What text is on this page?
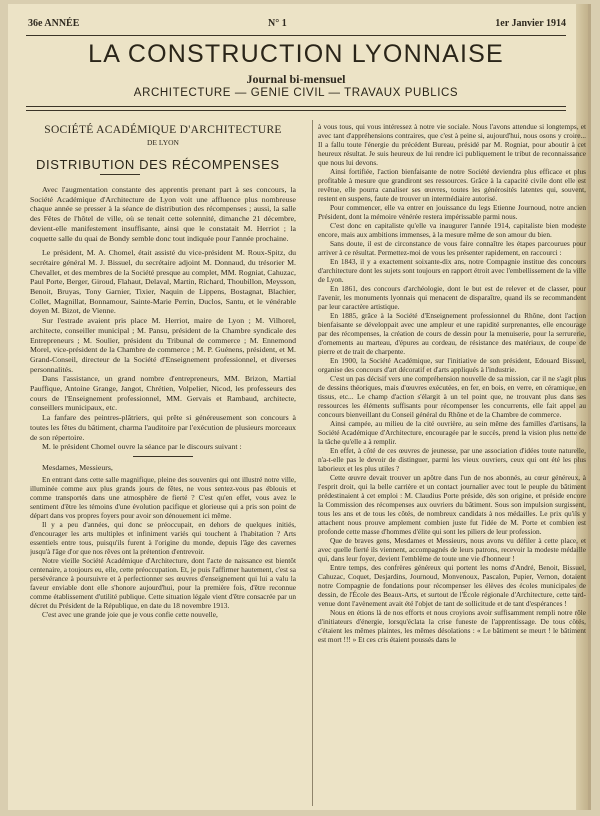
36e ANNÉE	N° 1	1er Janvier 1914
LA CONSTRUCTION LYONNAISE
Journal bi-mensuel
ARCHITECTURE — GENIE CIVIL — TRAVAUX PUBLICS
SOCIÉTÉ ACADÉMIQUE D'ARCHITECTURE
DE LYON
DISTRIBUTION DES RÉCOMPENSES

Avec l'augmentation constante des apprentis prenant part à ses concours, la Société Académique d'Architecture de Lyon voit une affluence plus nombreuse chaque année se presser à la séance de distribution des récompenses ; aussi, la salle des Fêtes de l'hôtel de ville, où se tenait cette solennité, dimanche 21 décembre, devient-elle manifestement insuffisante, ainsi que le constatait M. Herriot ; la coquette salle du quai de Bondy semble donc tout indiquée pour l'année prochaine.

Le président, M. A. Chomel, était assisté du vice-président M. Roux-Spitz, du secrétaire général M. J. Bissuel, du secrétaire adjoint M. Donnaud, du trésorier M. Chevallet, et des membres de la Société presque au complet, MM. Rogniat, Cahuzac, Paul Porte, Berger, Giroud, Flahaut, Delaval, Martin, Richard, Thoubillon, Meysson, Benoit, Bruyas, Tony Garnier, Tixier, Naquin de Lippens, Bostagnat, Blachier, Collet, Magnillat, Bonnamour, Sainte-Marie Perrin, Duclos, Santu, et le vénérable doyen M. Bizot, de Vienne.

Sur l'estrade avaient pris place M. Herriot, maire de Lyon ; M. Vilhorel, architecte, conseiller municipal ; M. Pansu, président de la Chambre syndicale des Entrepreneurs ; M. Soulier, président du Tribunal de commerce ; M. Ennemond Morel, vice-président de la Chambre de commerce ; M. P. Guénens, président, et M. Grand-Conseil, directeur de la Société d'Enseignement professionnel, et diverses personnalités.

Dans l'assistance, un grand nombre d'entrepreneurs, MM. Brizon, Martial Pauffique, Antoine Grange, Jangot, Chrétien, Volpelier, Nicod, les professeurs des cours de l'Enseignement professionnel, MM. Gervais et Rambaud, architecte, conseillers municipaux, etc.

La fanfare des peintres-plâtriers, qui prête si généreusement son concours à toutes les fêtes du bâtiment, charma l'auditoire par l'exécution de plusieurs morceaux de son répertoire.

M. le président Chomel ouvre la séance par le discours suivant :

Mesdames, Messieurs,

En entrant dans cette salle magnifique, pleine des souvenirs qui ont illustré notre ville, illuminée comme aux plus grands jours de fêtes, ne vous sentez-vous pas éblouis et comme transportés dans une atmosphère de fierté ? C'est qu'en effet, vous avez le sentiment d'être les témoins d'une évolution pacifique et glorieuse qui a pris son point de départ dans vos propres foyers pour avoir son dénouement ici même.

Il y a peu d'années, qui donc se préoccupait, en dehors de quelques initiés, d'encourager les arts multiples et infiniment variés qui touchent à l'habitation ? Arts essentiels entre tous, puisqu'ils furent à l'origine du monde, depuis l'âge des cavernes jusqu'à l'âge d'or que nos rêves ont la prétention d'entrevoir.

Notre vieille Société Académique d'Architecture, dont l'acte de naissance est bientôt centenaire, a toujours eu, elle, cette préoccupation. Et, je puis l'affirmer hautement, c'est sa persévérance à poursuivre et à perfectionner ses œuvres d'enseignement qui lui a valu la faveur enviable dont elle s'honore aujourd'hui, pour la première fois, d'être reconnue comme établissement d'utilité publique. Cette situation légale vient d'être consacrée par un décret du Président de la République, en date du 18 novembre 1913.

C'est avec une grande joie que je vous confie cette nouvelle,

à vous tous, qui vous intéressez à notre vie sociale. Nous l'avons attendue si longtemps, et avec tant d'appréhensions contraires, que c'est à peine si, aujourd'hui, nous osons y croire... Il a fallu toute l'énergie du précédent Bureau, présidé par M. Rogniat, pour aboutir à cet heureux résultat. Je suis heureux de lui rendre ici publiquement le tribut de reconnaissance que nous lui devons.

Ainsi fortifiée, l'action bienfaisante de notre Société deviendra plus efficace et plus profitable à mesure que grandiront ses ressources. Grâce à la capacité civile dont elle est revêtue, elle pourra canaliser ses œuvres, toutes les générosités latentes qui, souvent, restent en suspens, faute de trouver un intermédiaire autorisé.

Pour commencer, elle va entrer en jouissance du legs Etienne Journoud, notre ancien Président, dont la mémoire vénérée restera impérissable parmi nous.

C'est donc en capitaliste qu'elle va inaugurer l'année 1914, capitaliste bien modeste encore, mais aux ambitions immenses, à la mesure même de son amour du bien.

Sans doute, il est de circonstance de vous faire connaître les étapes parcourues pour arriver à ce résultat. Permettez-moi de vous les présenter rapidement, en raccourci :

En 1843, il y a exactement soixante-dix ans, notre Compagnie institue des concours d'architecture dont les sujets sont toujours en rapport étroit avec l'embellissement de la ville de Lyon.

En 1861, des concours d'archéologie, dont le but est de relever et de classer, pour l'avenir, les monuments lyonnais qui menacent de disparaître, quand ils se recommandent par leur caractère artistique.

En 1885, grâce à la Société d'Enseignement professionnel du Rhône, dont l'action bienfaisante se développait avec une ampleur et une rapidité surprenantes, elle encourage par des récompenses, la création de cours de dessin pour la menuiserie, pour la serrurerie, d'ornements au marteau, d'épures au cordeau, de résistance des matériaux, de coupe de pierre et de trait de charpente.

En 1900, la Société Académique, sur l'initiative de son président, Edouard Bissuel, organise des concours d'art décoratif et d'arts appliqués à l'industrie.

C'est un pas décisif vers une compréhension nouvelle de sa mission, car il ne s'agit plus de dessins théoriques, mais d'œuvres exécutées, en fer, en bois, en verre, en céramique, en tissus, etc... Le champ d'action s'élargit à un tel point que, ne trouvant plus dans ses ressources les éléments suffisants pour récompenser les concurrents, elle fait appel au concours bienveillant du Conseil général du Rhône et de la Chambre de commerce.

Ainsi campée, au milieu de la cité ouvrière, au sein même des familles d'artisans, la Société Académique d'Architecture, encouragée par le succès, prend la vision plus nette de la tâche qu'elle a à remplir.

En effet, à côté de ces œuvres de jeunesse, par une association d'idées toute naturelle, n'a-t-elle pas le devoir de distinguer, parmi les vieux ouvriers, ceux qui ont été les plus laborieux et les plus utiles ?

Cette œuvre devait trouver un apôtre dans l'un de nos abonnés, au cœur généreux, à l'esprit droit, qui la belle carrière et un contact journalier avec tout le peuple du bâtiment prédestinaient à cet emploi : M. Claudius Porte préside, dès son origine, et préside encore la Commission des récompenses aux ouvriers du bâtiment. Sous son impulsion surgissent, tous les ans et de tous les côtés, de nombreux candidats à nos médailles. Le prix qu'ils y attachent nous prouve amplement combien juste fut l'idée de M. Porte et combien est profonde cette masse d'hommes d'élite qui sont les piliers de leur profession.

Que de braves gens, Mesdames et Messieurs, nous avons vu défiler à cette place, et avec quelle fierté ils viennent, accompagnés de leurs patrons, recevoir la modeste médaille qui, dans leur foyer, devient l'emblème de toute une vie d'honneur !

Entre temps, des confrères généreux qui portent les noms d'André, Benoit, Bissuel, Cahuzac, Coquet, Desjardins, Journoud, Monvenoux, Pascalon, Pupier, Vernon, dotaient notre Compagnie de fondations pour récompenser les élèves des écoles municipales de dessin, de l'École des Beaux-Arts, et surtout de l'École régionale d'Architecture, cette tard-venue dont l'avènement avait été l'objet de tant de sollicitude et de tant d'espérances !

Nous en étions là de nos efforts et nous croyions avoir suffisamment rempli notre rôle d'initiateurs d'énergie, lorsqu'éclata la crise funeste de l'apprentissage. De tous côtés, c'étaient les mêmes plaintes, les mêmes désolations : « Le bâtiment se meurt ! le bâtiment est mort !!! » Et ces cris étaient poussés dans le
